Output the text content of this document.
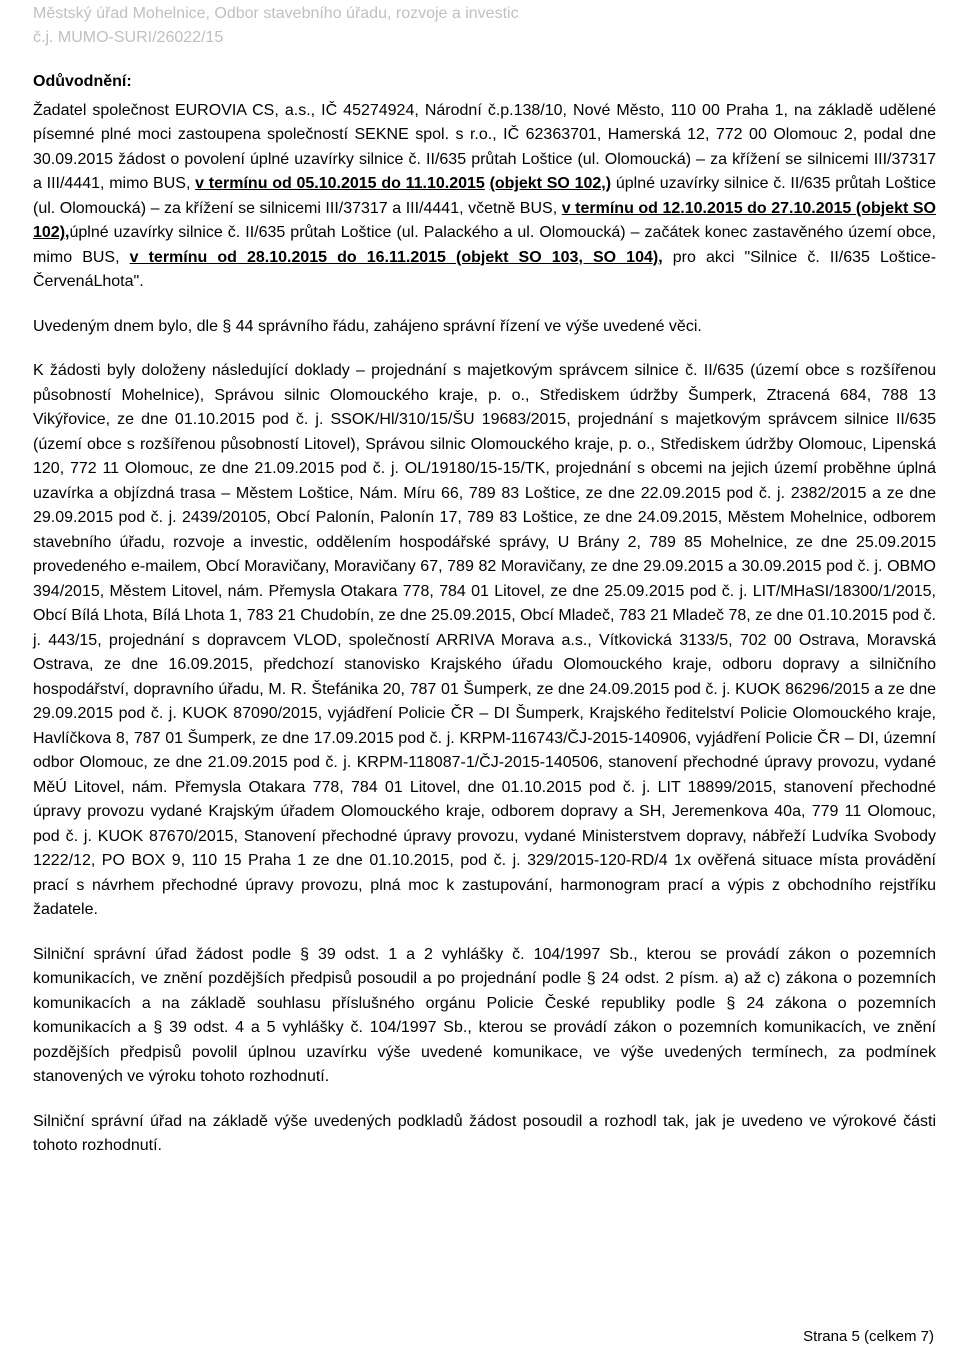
Městský úřad Mohelnice, Odbor stavebního úřadu, rozvoje a investic
č.j. MUMO-SURI/26022/15
Odůvodnění:

Žadatel společnost EUROVIA CS, a.s., IČ 45274924, Národní č.p.138/10, Nové Město, 110 00 Praha 1, na základě udělené písemné plné moci zastoupena společností SEKNE spol. s r.o., IČ 62363701, Hamerská 12, 772 00 Olomouc 2, podal dne 30.09.2015 žádost o povolení úplné uzavírky silnice č. II/635 průtah Loštice (ul. Olomoucká) – za křížení se silnicemi III/37317 a III/4441, mimo BUS, v termínu od 05.10.2015 do 11.10.2015 (objekt SO 102,) úplné uzavírky silnice č. II/635 průtah Loštice (ul. Olomoucká) – za křížení se silnicemi III/37317 a III/4441, včetně BUS, v termínu od 12.10.2015 do 27.10.2015 (objekt SO 102),úplné uzavírky silnice č. II/635 průtah Loštice (ul. Palackého a ul. Olomoucká) – začátek konec zastavěného území obce, mimo BUS, v termínu od 28.10.2015 do 16.11.2015 (objekt SO 103, SO 104), pro akci "Silnice č. II/635 Loštice-ČervenáLhota".

Uvedeným dnem bylo, dle § 44 správního řádu, zahájeno správní řízení ve výše uvedené věci.

K žádosti byly doloženy následující doklady – projednání s majetkovým správcem silnice č. II/635 (území obce s rozšířenou působností Mohelnice), Správou silnic Olomouckého kraje, p. o., Střediskem údržby Šumperk, Ztracená 684, 788 13 Vikýřovice, ze dne 01.10.2015 pod č. j. SSOK/Hl/310/15/ŠU 19683/2015, projednání s majetkovým správcem silnice II/635 (území obce s rozšířenou působností Litovel), Správou silnic Olomouckého kraje, p. o., Střediskem údržby Olomouc, Lipenská 120, 772 11 Olomouc, ze dne 21.09.2015 pod č. j. OL/19180/15-15/TK, projednání s obcemi na jejich území proběhne úplná uzavírka a objízdná trasa – Městem Loštice, Nám. Míru 66, 789 83 Loštice, ze dne 22.09.2015 pod č. j. 2382/2015 a ze dne 29.09.2015 pod č. j. 2439/20105, Obcí Palonín, Palonín 17, 789 83 Loštice, ze dne 24.09.2015, Městem Mohelnice, odborem stavebního úřadu, rozvoje a investic, oddělením hospodářské správy, U Brány 2, 789 85 Mohelnice, ze dne 25.09.2015 provedeného e-mailem, Obcí Moravičany, Moravičany 67, 789 82 Moravičany, ze dne 29.09.2015 a 30.09.2015 pod č. j. OBMO 394/2015, Městem Litovel, nám. Přemysla Otakara 778, 784 01 Litovel, ze dne 25.09.2015 pod č. j. LIT/MHaSI/18300/1/2015, Obcí Bílá Lhota, Bílá Lhota 1, 783 21 Chudobín, ze dne 25.09.2015, Obcí Mladeč, 783 21 Mladeč 78, ze dne 01.10.2015 pod č. j. 443/15, projednání s dopravcem VLOD, společností ARRIVA Morava a.s., Vítkovická 3133/5, 702 00 Ostrava, Moravská Ostrava, ze dne 16.09.2015, předchozí stanovisko Krajského úřadu Olomouckého kraje, odboru dopravy a silničního hospodářství, dopravního úřadu, M. R. Štefánika 20, 787 01 Šumperk, ze dne 24.09.2015 pod č. j. KUOK 86296/2015 a ze dne 29.09.2015 pod č. j. KUOK 87090/2015, vyjádření Policie ČR – DI Šumperk, Krajského ředitelství Policie Olomouckého kraje, Havlíčkova 8, 787 01 Šumperk, ze dne 17.09.2015 pod č. j. KRPM-116743/ČJ-2015-140906, vyjádření Policie ČR – DI, územní odbor Olomouc, ze dne 21.09.2015 pod č. j. KRPM-118087-1/ČJ-2015-140506, stanovení přechodné úpravy provozu, vydané MěÚ Litovel, nám. Přemysla Otakara 778, 784 01 Litovel, dne 01.10.2015 pod č. j. LIT 18899/2015, stanovení přechodné úpravy provozu vydané Krajským úřadem Olomouckého kraje, odborem dopravy a SH, Jeremenkova 40a, 779 11 Olomouc, pod č. j. KUOK 87670/2015, Stanovení přechodné úpravy provozu, vydané Ministerstvem dopravy, nábřeží Ludvíka Svobody 1222/12, PO BOX 9, 110 15 Praha 1 ze dne 01.10.2015, pod č. j. 329/2015-120-RD/4 1x ověřená situace místa provádění prací s návrhem přechodné úpravy provozu, plná moc k zastupování, harmonogram prací a výpis z obchodního rejstříku žadatele.

Silniční správní úřad žádost podle § 39 odst. 1 a 2 vyhlášky č. 104/1997 Sb., kterou se provádí zákon o pozemních komunikacích, ve znění pozdějších předpisů posoudil a po projednání podle § 24 odst. 2 písm. a) až c) zákona o pozemních komunikacích a na základě souhlasu příslušného orgánu Policie České republiky podle § 24 zákona o pozemních komunikacích a § 39 odst. 4 a 5 vyhlášky č. 104/1997 Sb., kterou se provádí zákon o pozemních komunikacích, ve znění pozdějších předpisů povolil úplnou uzavírku výše uvedené komunikace, ve výše uvedených termínech, za podmínek stanovených ve výroku tohoto rozhodnutí.

Silniční správní úřad na základě výše uvedených podkladů žádost posoudil a rozhodl tak, jak je uvedeno ve výrokové části tohoto rozhodnutí.

Strana 5 (celkem 7)
